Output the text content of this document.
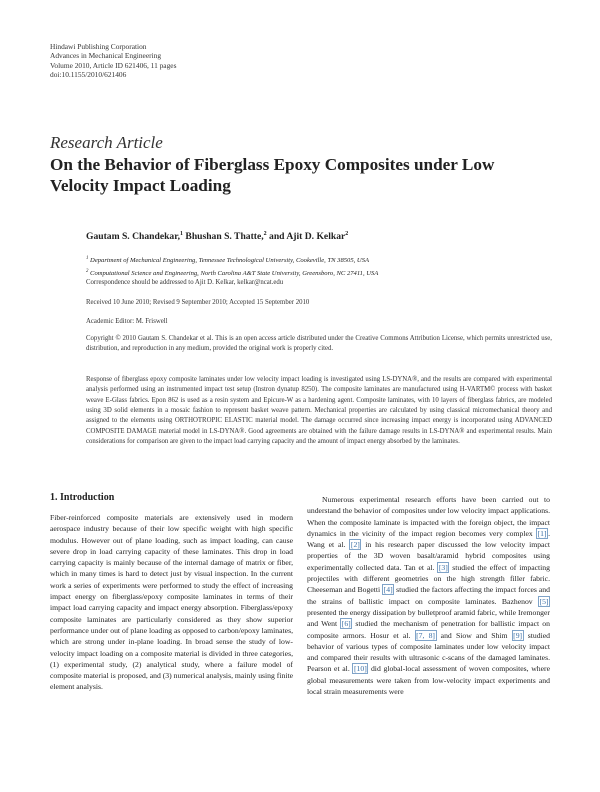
Hindawi Publishing Corporation
Advances in Mechanical Engineering
Volume 2010, Article ID 621406, 11 pages
doi:10.1155/2010/621406
Research Article
On the Behavior of Fiberglass Epoxy Composites under Low
Velocity Impact Loading
Gautam S. Chandekar,$^1$ Bhushan S. Thatte,$^2$ and Ajit D. Kelkar$^2$
$^1$ Department of Mechanical Engineering, Tennessee Technological University, Cookeville, TN 38505, USA
$^2$ Computational Science and Engineering, North Carolina A&T State University, Greensboro, NC 27411, USA
Correspondence should be addressed to Ajit D. Kelkar, kelkar@ncat.edu
Received 10 June 2010; Revised 9 September 2010; Accepted 15 September 2010
Academic Editor: M. Friswell
Copyright © 2010 Gautam S. Chandekar et al. This is an open access article distributed under the Creative Commons Attribution License, which permits unrestricted use, distribution, and reproduction in any medium, provided the original work is properly cited.
Response of fiberglass epoxy composite laminates under low velocity impact loading is investigated using LS-DYNA®, and the results are compared with experimental analysis performed using an instrumented impact test setup (Instron dynatup 8250). The composite laminates are manufactured using H-VARTM© process with basket weave E-Glass fabrics. Epon 862 is used as a resin system and Epicure-W as a hardening agent. Composite laminates, with 10 layers of fiberglass fabrics, are modeled using 3D solid elements in a mosaic fashion to represent basket weave pattern. Mechanical properties are calculated by using classical micromechanical theory and assigned to the elements using ORTHOTROPIC ELASTIC material model. The damage occurred since increasing impact energy is incorporated using ADVANCED COMPOSITE DAMAGE material model in LS-DYNA®. Good agreements are obtained with the failure damage results in LS-DYNA® and experimental results. Main considerations for comparison are given to the impact load carrying capacity and the amount of impact energy absorbed by the laminates.
1. Introduction
Fiber-reinforced composite materials are extensively used in modern aerospace industry because of their low specific weight with high specific modulus. However out of plane loading, such as impact loading, can cause severe drop in load carrying capacity of these laminates. This drop in load carrying capacity is mainly because of the internal damage of matrix or fiber, which in many times is hard to detect just by visual inspection. In the current work a series of experiments were performed to study the effect of increasing impact energy on fiberglass/epoxy composite laminates in terms of their impact load carrying capacity and impact energy absorption. Fiberglass/epoxy composite laminates are particularly considered as they show superior performance under out of plane loading as opposed to carbon/epoxy laminates, which are strong under in-plane loading. In broad sense the study of low-velocity impact loading on a composite material is divided in three categories, (1) experimental study, (2) analytical study, where a failure model of composite material is proposed, and (3) numerical analysis, mainly using finite element analysis.
Numerous experimental research efforts have been carried out to understand the behavior of composites under low velocity impact applications. When the composite laminate is impacted with the foreign object, the impact dynamics in the vicinity of the impact region becomes very complex [1] . Wang et al. [2] in his research paper discussed the low velocity impact properties of the 3D woven basalt/aramid hybrid composites using experimentally collected data. Tan et al. [3] studied the effect of impacting projectiles with different geometries on the high strength filler fabric. Cheeseman and Bogetti [4] studied the factors affecting the impact forces and the strains of ballistic impact on composite laminates. Bazhenov [5] presented the energy dissipation by bulletproof aramid fabric, while Iremonger and Went [6] studied the mechanism of penetration for ballistic impact on composite armors. Hosur et al. [7, 8] and Siow and Shim [9] studied behavior of various types of composite laminates under low velocity impact and compared their results with ultrasonic c-scans of the damaged laminates. Pearson et al. [10] did global-local assessment of woven composites, where global measurements were taken from low-velocity impact experiments and local strain measurements were
